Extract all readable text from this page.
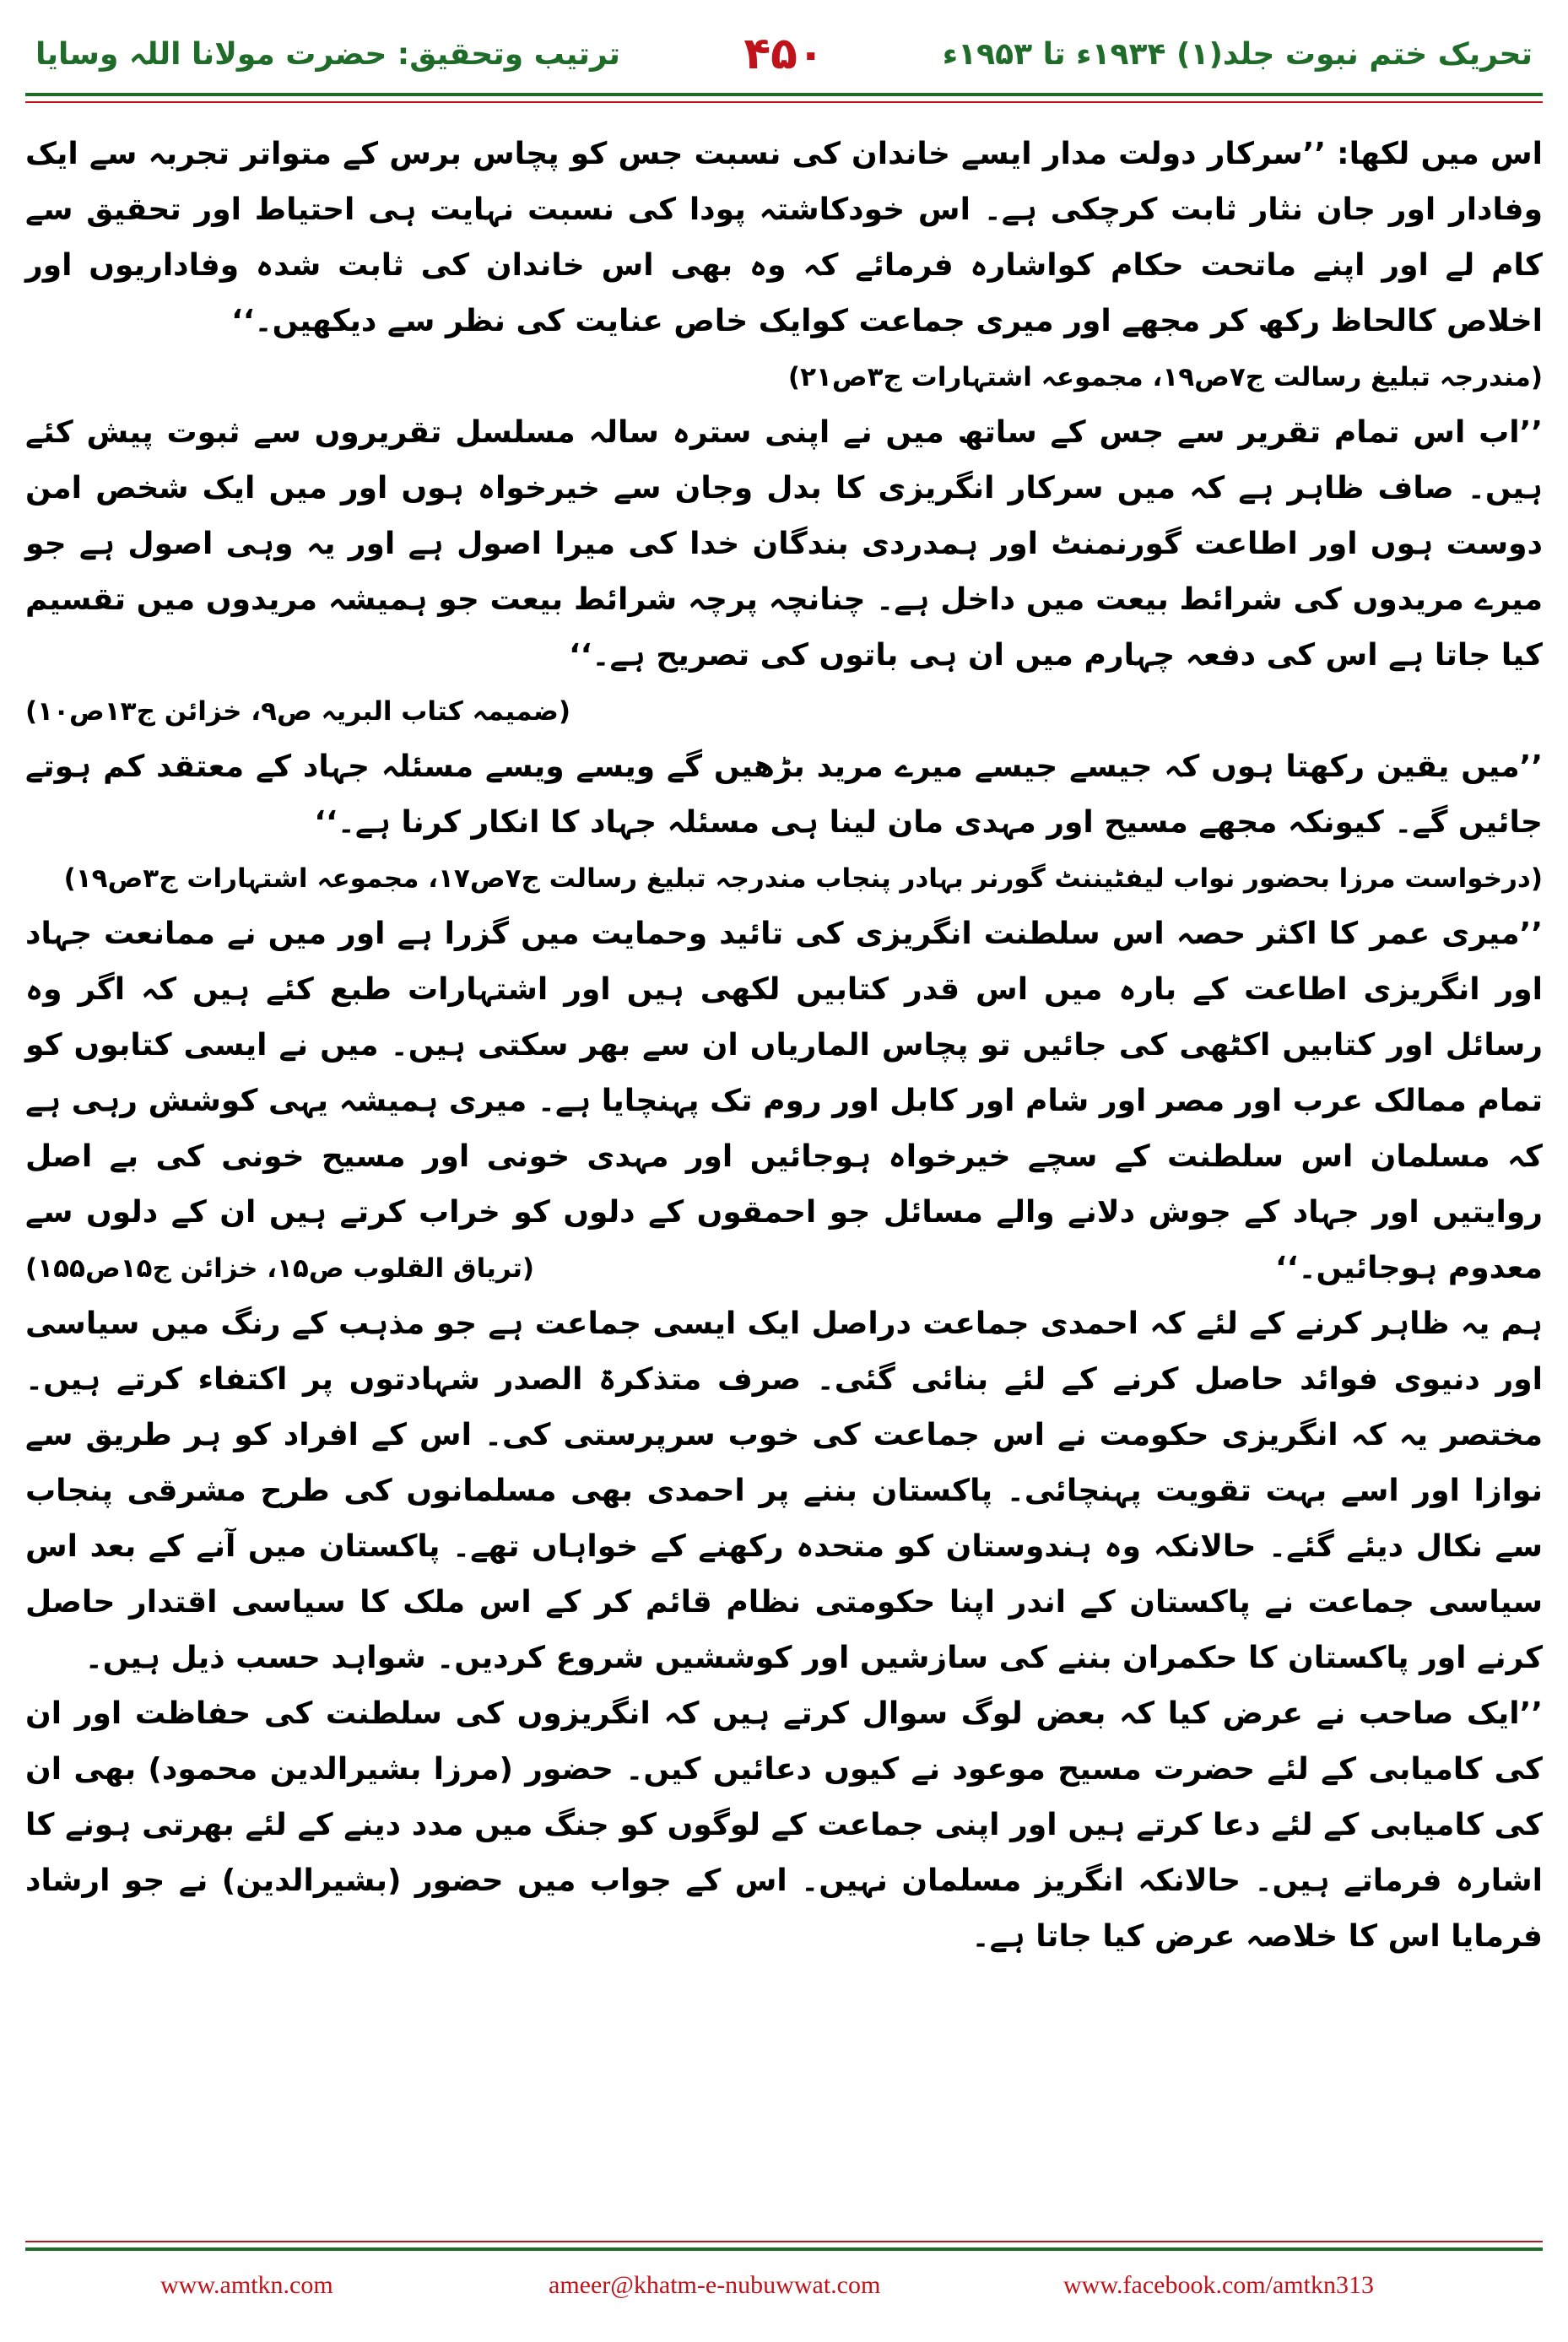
ترتیب وتحقیق: حضرت مولانا اللہ وسایا	۴۵۰	تحریک ختم نبوت جلد(۱) ۱۹۳۴ء تا ۱۹۵۳ء

اس میں لکھا: ’’سرکار دولت مدار ایسے خاندان کی نسبت جس کو پچاس برس کے متواتر تجربہ سے ایک وفادار اور جان نثار ثابت کرچکی ہے۔ اس خودکاشتہ پودا کی نسبت نہایت ہی احتیاط اور تحقیق سے کام لے اور اپنے ماتحت حکام کواشارہ فرمائے کہ وہ بھی اس خاندان کی ثابت شدہ وفاداریوں اور اخلاص کالحاظ رکھ کر مجھے اور میری جماعت کوایک خاص عنایت کی نظر سے دیکھیں۔‘‘

(مندرجہ تبلیغ رسالت ج۷ص۱۹، مجموعہ اشتہارات ج۳ص۲۱)

’’اب اس تمام تقریر سے جس کے ساتھ میں نے اپنی سترہ سالہ مسلسل تقریروں سے ثبوت پیش کئے ہیں۔ صاف ظاہر ہے کہ میں سرکار انگریزی کا بدل وجان سے خیرخواہ ہوں اور میں ایک شخص امن دوست ہوں اور اطاعت گورنمنٹ اور ہمدردی بندگان خدا کی میرا اصول ہے اور یہ وہی اصول ہے جو میرے مریدوں کی شرائط بیعت میں داخل ہے۔ چنانچہ پرچہ شرائط بیعت جو ہمیشہ مریدوں میں تقسیم کیا جاتا ہے اس کی دفعہ چہارم میں ان ہی باتوں کی تصریح ہے۔‘‘
(ضمیمہ کتاب البریہ ص۹، خزائن ج۱۳ص۱۰)

’’میں یقین رکھتا ہوں کہ جیسے جیسے میرے مرید بڑھیں گے ویسے ویسے مسئلہ جہاد کے معتقد کم ہوتے جائیں گے۔ کیونکہ مجھے مسیح اور مہدی مان لینا ہی مسئلہ جہاد کا انکار کرنا ہے۔‘‘

(درخواست مرزا بحضور نواب لیفٹیننٹ گورنر بہادر پنجاب مندرجہ تبلیغ رسالت ج۷ص۱۷، مجموعہ اشتہارات ج۳ص۱۹)

’’میری عمر کا اکثر حصہ اس سلطنت انگریزی کی تائید وحمایت میں گزرا ہے اور میں نے ممانعت جہاد اور انگریزی اطاعت کے بارہ میں اس قدر کتابیں لکھی ہیں اور اشتہارات طبع کئے ہیں کہ اگر وہ رسائل اور کتابیں اکٹھی کی جائیں تو پچاس الماریاں ان سے بھر سکتی ہیں۔ میں نے ایسی کتابوں کو تمام ممالک عرب اور مصر اور شام اور کابل اور روم تک پہنچایا ہے۔ میری ہمیشہ یہی کوشش رہی ہے کہ مسلمان اس سلطنت کے سچے خیرخواہ ہوجائیں اور مہدی خونی اور مسیح خونی کی بے اصل روایتیں اور جہاد کے جوش دلانے والے مسائل جو احمقوں کے دلوں کو خراب کرتے ہیں ان کے دلوں سے معدوم ہوجائیں۔‘‘
(تریاق القلوب ص۱۵، خزائن ج۱۵ص۱۵۵)

ہم یہ ظاہر کرنے کے لئے کہ احمدی جماعت دراصل ایک ایسی جماعت ہے جو مذہب کے رنگ میں سیاسی اور دنیوی فوائد حاصل کرنے کے لئے بنائی گئی۔ صرف متذکرۃ الصدر شہادتوں پر اکتفاء کرتے ہیں۔ مختصر یہ کہ انگریزی حکومت نے اس جماعت کی خوب سرپرستی کی۔ اس کے افراد کو ہر طریق سے نوازا اور اسے بہت تقویت پہنچائی۔ پاکستان بننے پر احمدی بھی مسلمانوں کی طرح مشرقی پنجاب سے نکال دیئے گئے۔ حالانکہ وہ ہندوستان کو متحدہ رکھنے کے خواہاں تھے۔ پاکستان میں آنے کے بعد اس سیاسی جماعت نے پاکستان کے اندر اپنا حکومتی نظام قائم کر کے اس ملک کا سیاسی اقتدار حاصل کرنے اور پاکستان کا حکمران بننے کی سازشیں اور کوششیں شروع کردیں۔ شواہد حسب ذیل ہیں۔

’’ایک صاحب نے عرض کیا کہ بعض لوگ سوال کرتے ہیں کہ انگریزوں کی سلطنت کی حفاظت اور ان کی کامیابی کے لئے حضرت مسیح موعود نے کیوں دعائیں کیں۔ حضور (مرزا بشیرالدین محمود) بھی ان کی کامیابی کے لئے دعا کرتے ہیں اور اپنی جماعت کے لوگوں کو جنگ میں مدد دینے کے لئے بھرتی ہونے کا اشارہ فرماتے ہیں۔ حالانکہ انگریز مسلمان نہیں۔ اس کے جواب میں حضور (بشیرالدین) نے جو ارشاد فرمایا اس کا خلاصہ عرض کیا جاتا ہے۔

www.amtkn.com	ameer@khatm-e-nubuwwat.com	www.facebook.com/amtkn313
